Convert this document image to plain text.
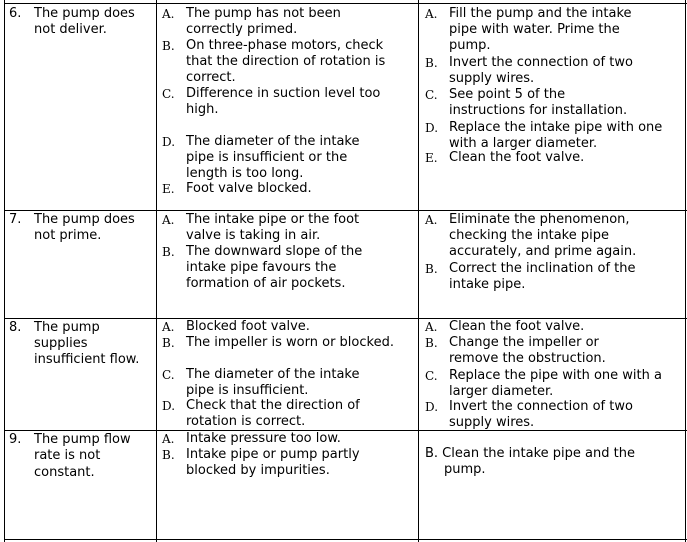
6. The pump does
not deliver.
A. The pump has not been
correctly primed.
B. On three-phase motors, check
that the direction of rotation is
correct.
C. Difference in suction level too
high.
D. The diameter of the intake
pipe is insufficient or the
length is too long.
E. Foot valve blocked.
A. Fill the pump and the intake
pipe with water. Prime the
pump.
B. Invert the connection of two
supply wires.
C. See point 5 of the
instructions for installation.
D. Replace the intake pipe with one
with a larger diameter.
E. Clean the foot valve.
7. The pump does
not prime.
A. The intake pipe or the foot
valve is taking in air.
B. The downward slope of the
intake pipe favours the
formation of air pockets.
A. Eliminate the phenomenon,
checking the intake pipe
accurately, and prime again.
B. Correct the inclination of the
intake pipe.
8. The pump
supplies
insufficient flow.
A. Blocked foot valve.
B. The impeller is worn or blocked.
C. The diameter of the intake
pipe is insufficient.
D. Check that the direction of
rotation is correct.
A. Clean the foot valve.
B. Change the impeller or
remove the obstruction.
C. Replace the pipe with one with a
larger diameter.
D. Invert the connection of two
supply wires.
9. The pump flow
rate is not
constant.
A. Intake pressure too low.
B. Intake pipe or pump partly
blocked by impurities.
B. Clean the intake pipe and the
pump.
